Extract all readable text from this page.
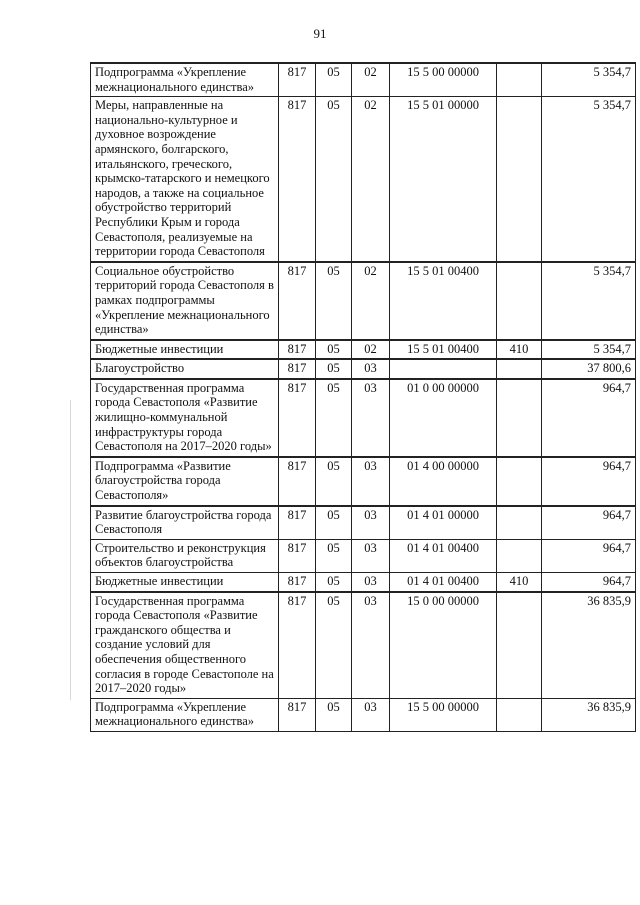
91
Подпрограмма «Укрепление межнационального единства»	817	05	02	15 5 00 00000		5 354,7
Меры, направленные на национально-культурное и духовное возрождение армянского, болгарского, итальянского, греческого, крымско-татарского и немецкого народов, а также на социальное обустройство территорий Республики Крым и города Севастополя, реализуемые на территории города Севастополя	817	05	02	15 5 01 00000		5 354,7
Социальное обустройство территорий города Севастополя в рамках подпрограммы «Укрепление межнационального единства»	817	05	02	15 5 01 00400		5 354,7
Бюджетные инвестиции	817	05	02	15 5 01 00400	410	5 354,7
Благоустройство	817	05	03			37 800,6
Государственная программа города Севастополя «Развитие жилищно-коммунальной инфраструктуры города Севастополя на 2017–2020 годы»	817	05	03	01 0 00 00000		964,7
Подпрограмма «Развитие благоустройства города Севастополя»	817	05	03	01 4 00 00000		964,7
Развитие благоустройства города Севастополя	817	05	03	01 4 01 00000		964,7
Строительство и реконструкция объектов благоустройства	817	05	03	01 4 01 00400		964,7
Бюджетные инвестиции	817	05	03	01 4 01 00400	410	964,7
Государственная программа города Севастополя «Развитие гражданского общества и создание условий для обеспечения общественного согласия в городе Севастополе на 2017–2020 годы»	817	05	03	15 0 00 00000		36 835,9
Подпрограмма «Укрепление межнационального единства»	817	05	03	15 5 00 00000		36 835,9
